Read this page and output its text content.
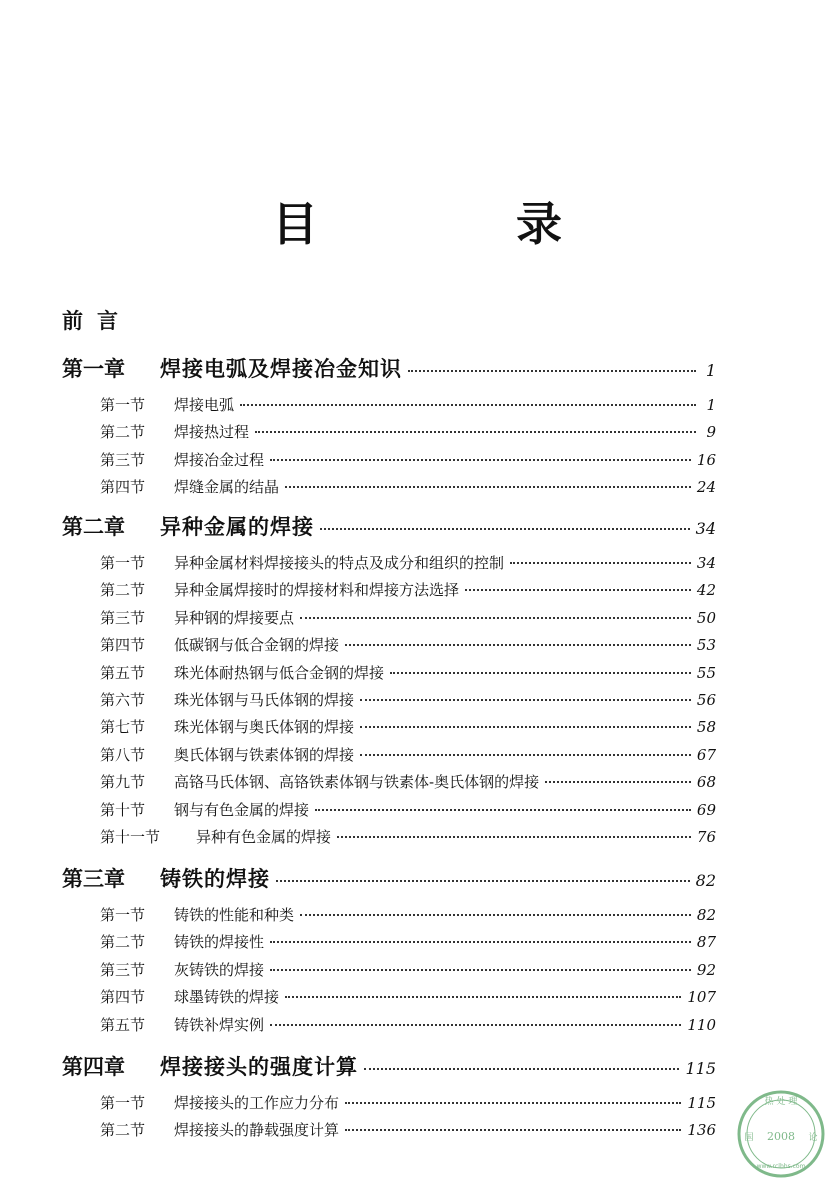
目　录
前言
第一章	焊接电弧及焊接冶金知识	1
第一节	焊接电弧	1
第二节	焊接热过程	9
第三节	焊接冶金过程	16
第四节	焊缝金属的结晶	24
第二章	异种金属的焊接	34
第一节	异种金属材料焊接接头的特点及成分和组织的控制	34
第二节	异种金属焊接时的焊接材料和焊接方法选择	42
第三节	异种钢的焊接要点	50
第四节	低碳钢与低合金钢的焊接	53
第五节	珠光体耐热钢与低合金钢的焊接	55
第六节	珠光体钢与马氏体钢的焊接	56
第七节	珠光体钢与奥氏体钢的焊接	58
第八节	奥氏体钢与铁素体钢的焊接	67
第九节	高铬马氏体钢、高铬铁素体钢与铁素体-奥氏体钢的焊接	68
第十节	钢与有色金属的焊接	69
第十一节	异种有色金属的焊接	76
第三章	铸铁的焊接	82
第一节	铸铁的性能和种类	82
第二节	铸铁的焊接性	87
第三节	灰铸铁的焊接	92
第四节	球墨铸铁的焊接	107
第五节	铸铁补焊实例	110
第四章	焊接接头的强度计算	115
第一节	焊接接头的工作应力分布	115
第二节	焊接接头的静载强度计算	136
热 处 理
国	论
2008
www.rclbbs.com
